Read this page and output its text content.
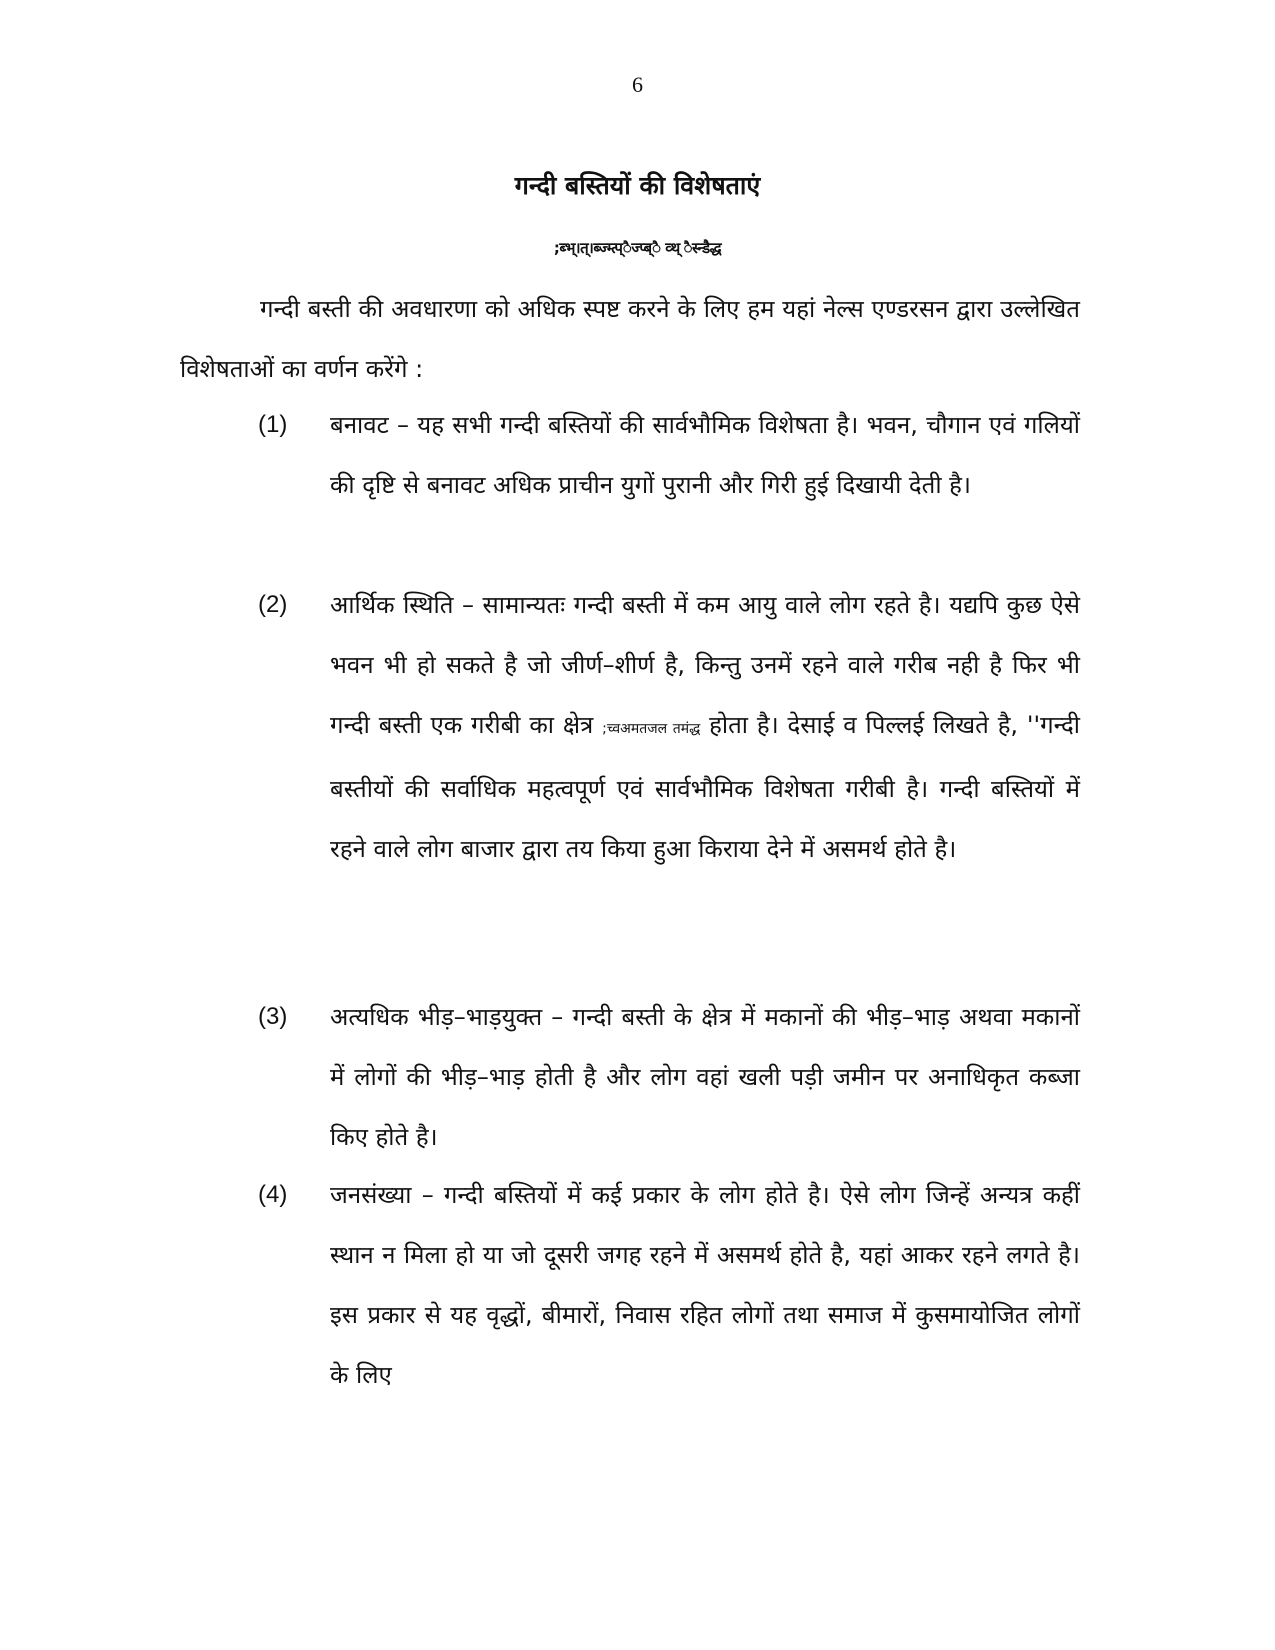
6
गन्दी बस्तियों की विशेषताएं
;ब्भ्।त्।ब्ज्म्त्प्ैज्प्ब्ै व्थ् ैस्न्डैद्ध

गन्दी बस्ती की अवधारणा को अधिक स्पष्ट करने के लिए हम यहां नेल्स एण्डरसन द्वारा उल्लेखित विशेषताओं का वर्णन करेंगे :

(1) बनावट – यह सभी गन्दी बस्तियों की सार्वभौमिक विशेषता है। भवन, चौगान एवं गलियों की दृष्टि से बनावट अधिक प्राचीन युगों पुरानी और गिरी हुई दिखायी देती है।

(2) आर्थिक स्थिति – सामान्यतः गन्दी बस्ती में कम आयु वाले लोग रहते है। यद्यपि कुछ ऐसे भवन भी हो सकते है जो जीर्ण–शीर्ण है, किन्तु उनमें रहने वाले गरीब नही है फिर भी गन्दी बस्ती एक गरीबी का क्षेत्र ;च्वअमतजल तमंद्ध होता है। देसाई व पिल्लई लिखते है, ''गन्दी बस्तीयों की सर्वाधिक महत्वपूर्ण एवं सार्वभौमिक विशेषता गरीबी है। गन्दी बस्तियों में रहने वाले लोग बाजार द्वारा तय किया हुआ किराया देने में असमर्थ होते है।

(3) अत्यधिक भीड़–भाड़युक्त – गन्दी बस्ती के क्षेत्र में मकानों की भीड़–भाड़ अथवा मकानों में लोगों की भीड़–भाड़ होती है और लोग वहां खली पड़ी जमीन पर अनाधिकृत कब्जा किए होते है।

(4) जनसंख्या – गन्दी बस्तियों में कई प्रकार के लोग होते है। ऐसे लोग जिन्हें अन्यत्र कहीं स्थान न मिला हो या जो दूसरी जगह रहने में असमर्थ होते है, यहां आकर रहने लगते है। इस प्रकार से यह वृद्धों, बीमारों, निवास रहित लोगों तथा समाज में कुसमायोजित लोगों के लिए
